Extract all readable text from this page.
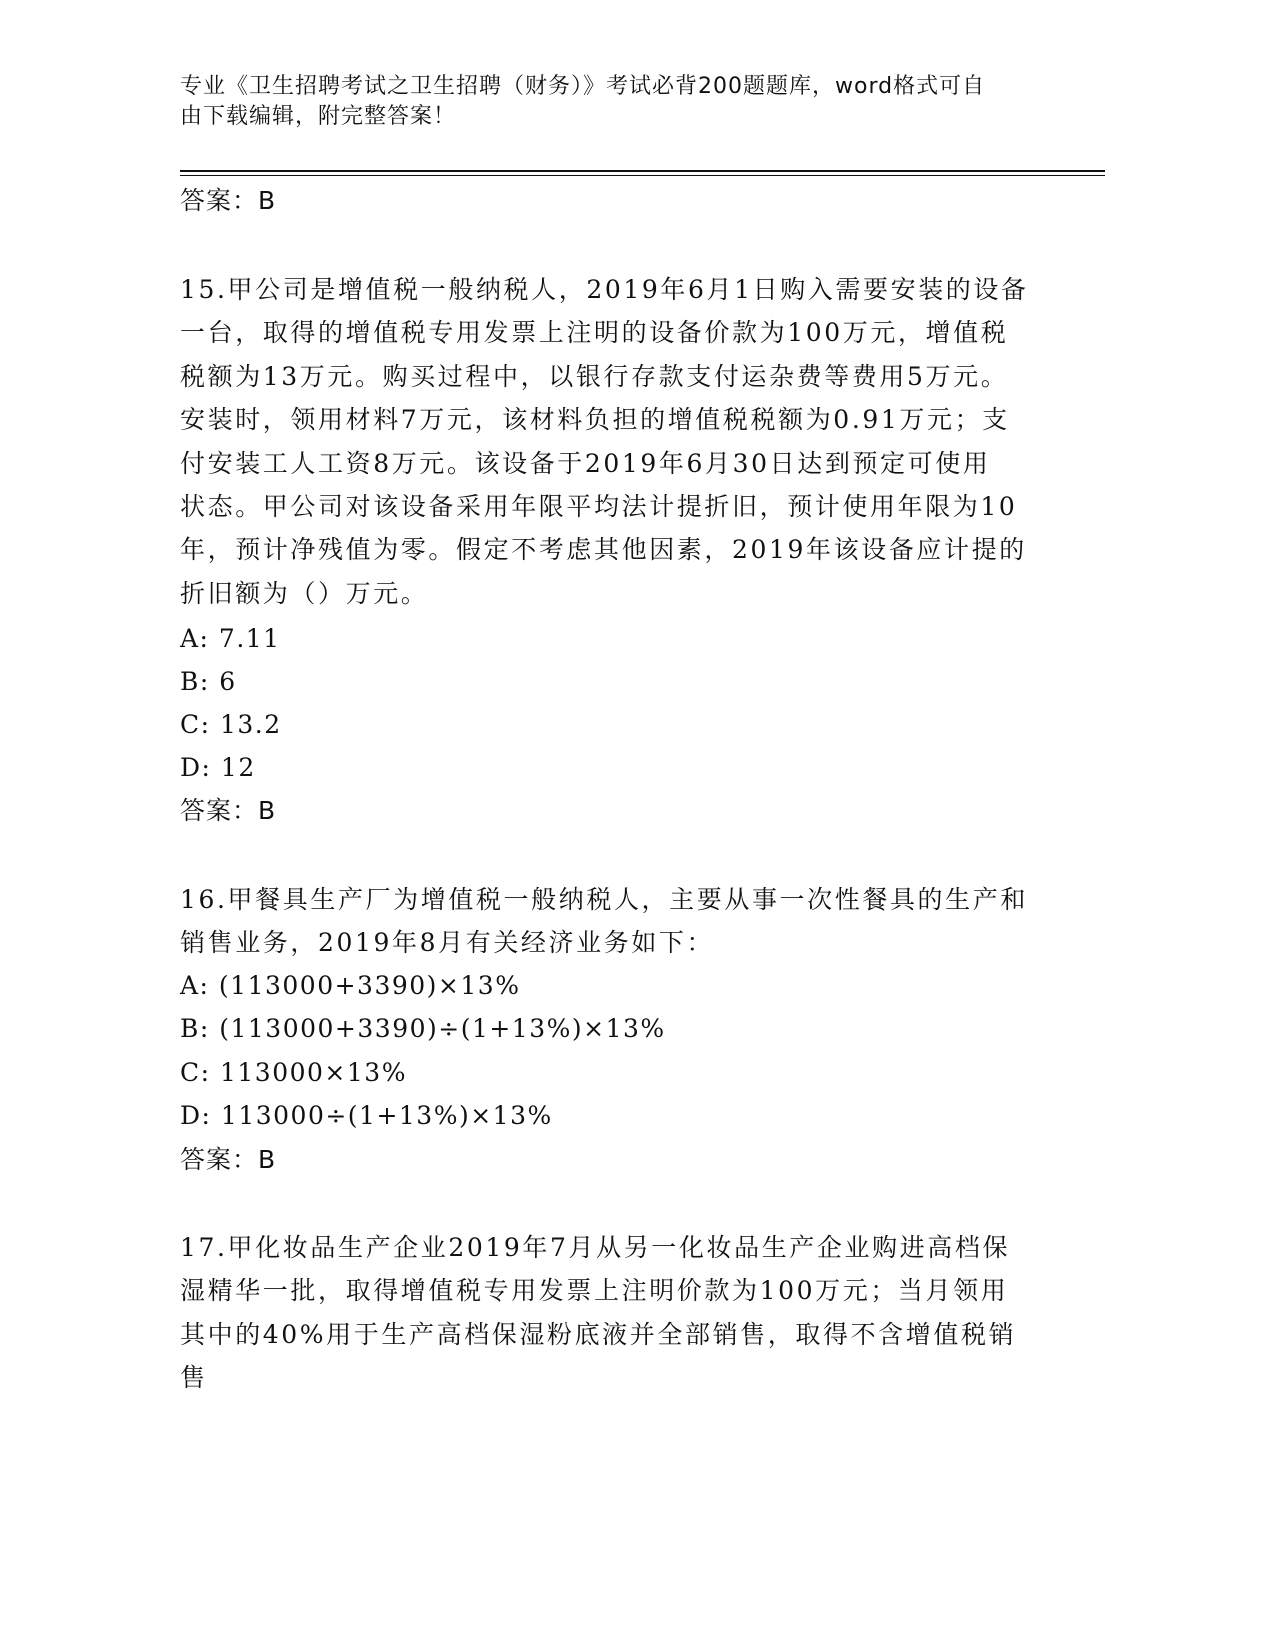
专业《卫生招聘考试之卫生招聘（财务）》考试必背200题题库，word格式可自
由下载编辑，附完整答案！
答案：B

15.甲公司是增值税一般纳税人，2019年6月1日购入需要安装的设备

一台，取得的增值税专用发票上注明的设备价款为100万元，增值税

税额为13万元。购买过程中，以银行存款支付运杂费等费用5万元。

安装时，领用材料7万元，该材料负担的增值税税额为0.91万元；支

付安装工人工资8万元。该设备于2019年6月30日达到预定可使用

状态。甲公司对该设备采用年限平均法计提折旧，预计使用年限为10

年，预计净残值为零。假定不考虑其他因素，2019年该设备应计提的

折旧额为（）万元。

A: 7.11
B: 6
C: 13.2
D: 12
答案：B

16.甲餐具生产厂为增值税一般纳税人，主要从事一次性餐具的生产和

销售业务，2019年8月有关经济业务如下：

A: (113000+3390)×13%
B: (113000+3390)÷(1+13%)×13%
C: 113000×13%
D: 113000÷(1+13%)×13%
答案：B

17.甲化妆品生产企业2019年7月从另一化妆品生产企业购进高档保

湿精华一批，取得增值税专用发票上注明价款为100万元；当月领用

其中的40%用于生产高档保湿粉底液并全部销售，取得不含增值税销售
